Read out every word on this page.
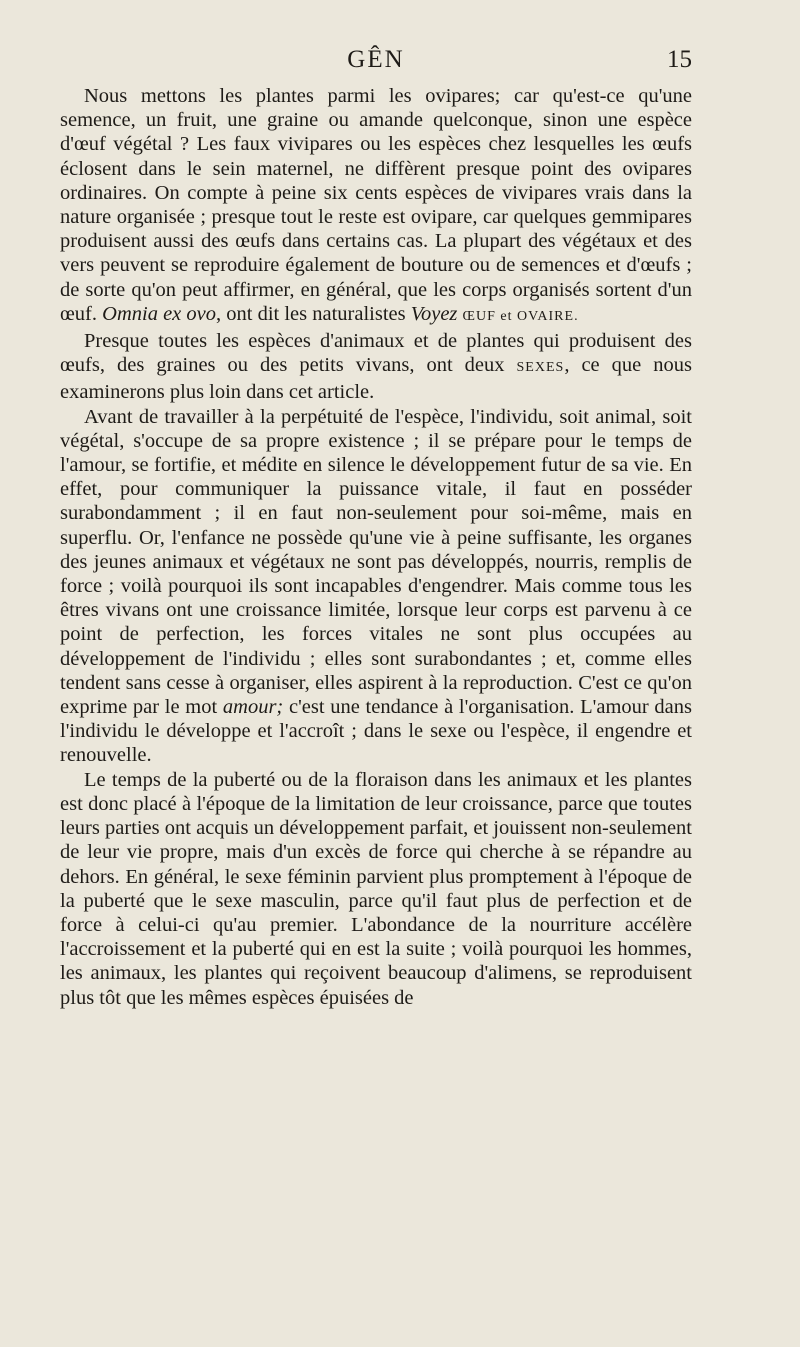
GÊN	15

Nous mettons les plantes parmi les ovipares; car qu'est-ce qu'une semence, un fruit, une graine ou amande quelconque, sinon une espèce d'œuf végétal ? Les faux vivipares ou les espèces chez lesquelles les œufs éclosent dans le sein maternel, ne diffèrent presque point des ovipares ordinaires. On compte à peine six cents espèces de vivipares vrais dans la nature organisée ; presque tout le reste est ovipare, car quelques gemmipares produisent aussi des œufs dans certains cas. La plupart des végétaux et des vers peuvent se reproduire également de bouture ou de semences et d'œufs ; de sorte qu'on peut affirmer, en général, que les corps organisés sortent d'un œuf. Omnia ex ovo, ont dit les naturalistes Voyez ŒUF et OVAIRE.

Presque toutes les espèces d'animaux et de plantes qui produisent des œufs, des graines ou des petits vivans, ont deux SEXES, ce que nous examinerons plus loin dans cet article.

Avant de travailler à la perpétuité de l'espèce, l'individu, soit animal, soit végétal, s'occupe de sa propre existence ; il se prépare pour le temps de l'amour, se fortifie, et médite en silence le développement futur de sa vie. En effet, pour communiquer la puissance vitale, il faut en posséder surabondamment ; il en faut non-seulement pour soi-même, mais en superflu. Or, l'enfance ne possède qu'une vie à peine suffisante, les organes des jeunes animaux et végétaux ne sont pas développés, nourris, remplis de force ; voilà pourquoi ils sont incapables d'engendrer. Mais comme tous les êtres vivans ont une croissance limitée, lorsque leur corps est parvenu à ce point de perfection, les forces vitales ne sont plus occupées au développement de l'individu ; elles sont surabondantes ; et, comme elles tendent sans cesse à organiser, elles aspirent à la reproduction. C'est ce qu'on exprime par le mot amour; c'est une tendance à l'organisation. L'amour dans l'individu le développe et l'accroît ; dans le sexe ou l'espèce, il engendre et renouvelle.

Le temps de la puberté ou de la floraison dans les animaux et les plantes est donc placé à l'époque de la limitation de leur croissance, parce que toutes leurs parties ont acquis un développement parfait, et jouissent non-seulement de leur vie propre, mais d'un excès de force qui cherche à se répandre au dehors. En général, le sexe féminin parvient plus promptement à l'époque de la puberté que le sexe masculin, parce qu'il faut plus de perfection et de force à celui-ci qu'au premier. L'abondance de la nourriture accélère l'accroissement et la puberté qui en est la suite ; voilà pourquoi les hommes, les animaux, les plantes qui reçoivent beaucoup d'alimens, se reproduisent plus tôt que les mêmes espèces épuisées de
